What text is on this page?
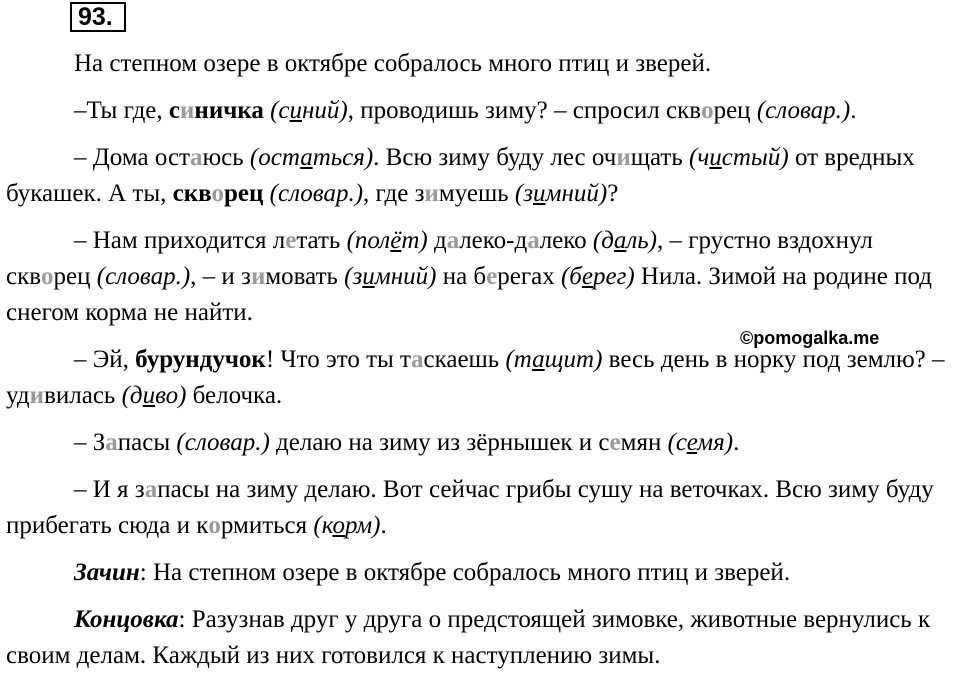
93.
На степном озере в октябре собралось много птиц и зверей.
–Ты где, синичка (синий), проводишь зиму? – спросил скворец (словар.).
– Дома остаюсь (остаться). Всю зиму буду лес очищать (чистый) от вредных букашек. А ты, скворец (словар.), где зимуешь (зимний)?
– Нам приходится летать (полёт) далеко-далеко (даль), – грустно вздохнул скворец (словар.), – и зимовать (зимний) на берегах (берег) Нила. Зимой на родине под снегом корма не найти.
– Эй, бурундучок! Что это ты таскаешь (тащит) весь день в норку под землю? – удивилась (диво) белочка.
– Запасы (словар.) делаю на зиму из зёрнышек и семян (семя).
– И я запасы на зиму делаю. Вот сейчас грибы сушу на веточках. Всю зиму буду прибегать сюда и кормиться (корм).
Зачин: На степном озере в октябре собралось много птиц и зверей.
Концовка: Разузнав друг у друга о предстоящей зимовке, животные вернулись к своим делам. Каждый из них готовился к наступлению зимы.
©pomogalka.me
